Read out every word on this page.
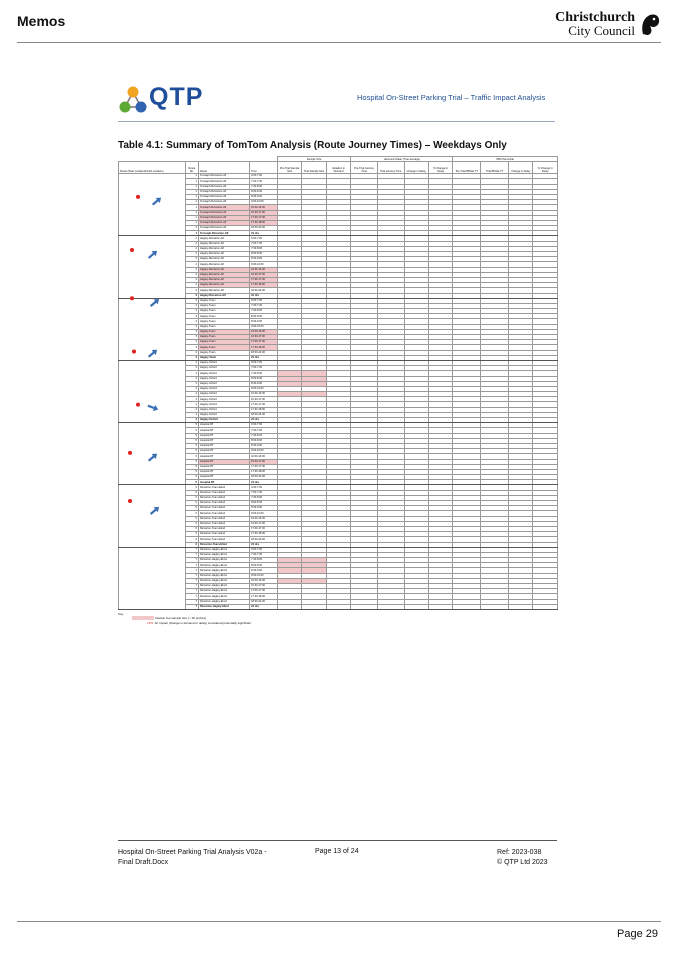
Memos	Christchurch
City Council
QTP	Hospital On-Street Parking Trial – Traffic Impact Analysis
Table 4.1: Summary of TomTom Analysis (Route Journey Times) – Weekdays Only
				Sample Size			Harmonic Mean (True Average)				85th Percentile			
Route (Start Location/Finish Location)	Route No.	Route	Time	Pre-Trial Sample Size	Trial Sample Size	Variation in Demand	Pre-Trial Journey Time	Trial Journey Time	Change in Delay	% Change in Delay	Pre-Trial 85%ile TT	Trial 85%ile TT	Change in Delay	% Change in Delay
	1	St Asaph-Riccarton-Alf	0:00-7:00											
	1	St Asaph-Riccarton-Alf	7:00-7:30											
	1	St Asaph-Riccarton-Alf	7:30-8:00											
	1	St Asaph-Riccarton-Alf	8:00-8:30											
	1	St Asaph-Riccarton-Alf	8:30-9:00											
	1	St Asaph-Riccarton-Alf	9:00-16:00											
	1	St Asaph-Riccarton-Alf	16:00-16:30											
	1	St Asaph-Riccarton-Alf	16:30-17:00											
	1	St Asaph-Riccarton-Alf	17:00-17:30											
	1	St Asaph-Riccarton-Alf	17:30-18:00											
	1	St Asaph-Riccarton-Alf	18:00-24:00											
	1	St Asaph-Riccarton-Alf	24 Hrs											
	2	Hagley-Riccarton-Alf	0:00-7:00											
	2	Hagley-Riccarton-Alf	7:00-7:30											
	2	Hagley-Riccarton-Alf	7:30-8:00											
	2	Hagley-Riccarton-Alf	8:00-8:30											
	2	Hagley-Riccarton-Alf	8:30-9:00											
	2	Hagley-Riccarton-Alf	9:00-16:00											
	2	Hagley-Riccarton-Alf	16:00-16:30											
	2	Hagley-Riccarton-Alf	16:30-17:00											
	2	Hagley-Riccarton-Alf	17:00-17:30											
	2	Hagley-Riccarton-Alf	17:30-18:00											
	2	Hagley-Riccarton-Alf	18:00-24:00											
	2	Hagley-Riccarton-Alf	24 Hrs											
	3	Hagley-Tuam	0:00-7:00											
	3	Hagley-Tuam	7:00-7:30											
	3	Hagley-Tuam	7:30-8:00											
	3	Hagley-Tuam	8:00-8:30											
	3	Hagley-Tuam	8:30-9:00											
	3	Hagley-Tuam	9:00-16:00											
	3	Hagley-Tuam	16:00-16:30											
	3	Hagley-Tuam	16:30-17:00											
	3	Hagley-Tuam	17:00-17:30											
	3	Hagley-Tuam	17:30-18:00											
	3	Hagley-Tuam	18:00-24:00											
	3	Hagley-Tuam	24 Hrs											
	4	Hagley-Oxford	0:00-7:00											
	4	Hagley-Oxford	7:00-7:30											
	4	Hagley-Oxford	7:30-8:00											
	4	Hagley-Oxford	8:00-8:30											
	4	Hagley-Oxford	8:30-9:00											
	4	Hagley-Oxford	9:00-16:00											
	4	Hagley-Oxford	16:00-16:30											
	4	Hagley-Oxford	16:30-17:00											
	4	Hagley-Oxford	17:00-17:30											
	4	Hagley-Oxford	17:30-18:00											
	4	Hagley-Oxford	18:00-24:00											
	4	Hagley-Oxford	24 Hrs											
	5	Hospital RT	0:00-7:00											
	5	Hospital RT	7:00-7:30											
	5	Hospital RT	7:30-8:00											
	5	Hospital RT	8:00-8:30											
	5	Hospital RT	8:30-9:00											
	5	Hospital RT	9:00-16:00											
	5	Hospital RT	16:00-16:30											
	5	Hospital RT	16:30-17:00											
	5	Hospital RT	17:00-17:30											
	5	Hospital RT	17:30-18:00											
	5	Hospital RT	18:00-24:00											
	5	Hospital RT	24 Hrs											
	6	Riccarton-Tuam-Elmd	0:00-7:00											
	6	Riccarton-Tuam-Elmd	7:00-7:30											
	6	Riccarton-Tuam-Elmd	7:30-8:00											
	6	Riccarton-Tuam-Elmd	8:00-8:30											
	6	Riccarton-Tuam-Elmd	8:30-9:00											
	6	Riccarton-Tuam-Elmd	9:00-16:00											
	6	Riccarton-Tuam-Elmd	16:00-16:30											
	6	Riccarton-Tuam-Elmd	16:30-17:00											
	6	Riccarton-Tuam-Elmd	17:00-17:30											
	6	Riccarton-Tuam-Elmd	17:30-18:00											
	6	Riccarton-Tuam-Elmd	18:00-24:00											
	6	Riccarton-Tuam-Elmd	24 Hrs											
	7	Riccarton-Hagley-Elmd	0:00-7:00											
	7	Riccarton-Hagley-Elmd	7:00-7:30											
	7	Riccarton-Hagley-Elmd	7:30-8:00											
	7	Riccarton-Hagley-Elmd	8:00-8:30											
	7	Riccarton-Hagley-Elmd	8:30-9:00											
	7	Riccarton-Hagley-Elmd	9:00-16:00											
	7	Riccarton-Hagley-Elmd	16:00-16:30											
	7	Riccarton-Hagley-Elmd	16:30-17:00											
	7	Riccarton-Hagley-Elmd	17:00-17:30											
	7	Riccarton-Hagley-Elmd	17:30-18:00											
	7	Riccarton-Hagley-Elmd	18:00-24:00											
	7	Riccarton-Hagley-Elmd	24 Hrs											
Key:
Caution low sample size (< 30 probes)
+5% Air impact (change in demand or delay) considered potentially significant
Hospital On-Street Parking Trial Analysis V02a -
Final Draft.Docx
Page 13 of 24	Ref: 2023-038
© QTP Ltd 2023
Page 29
